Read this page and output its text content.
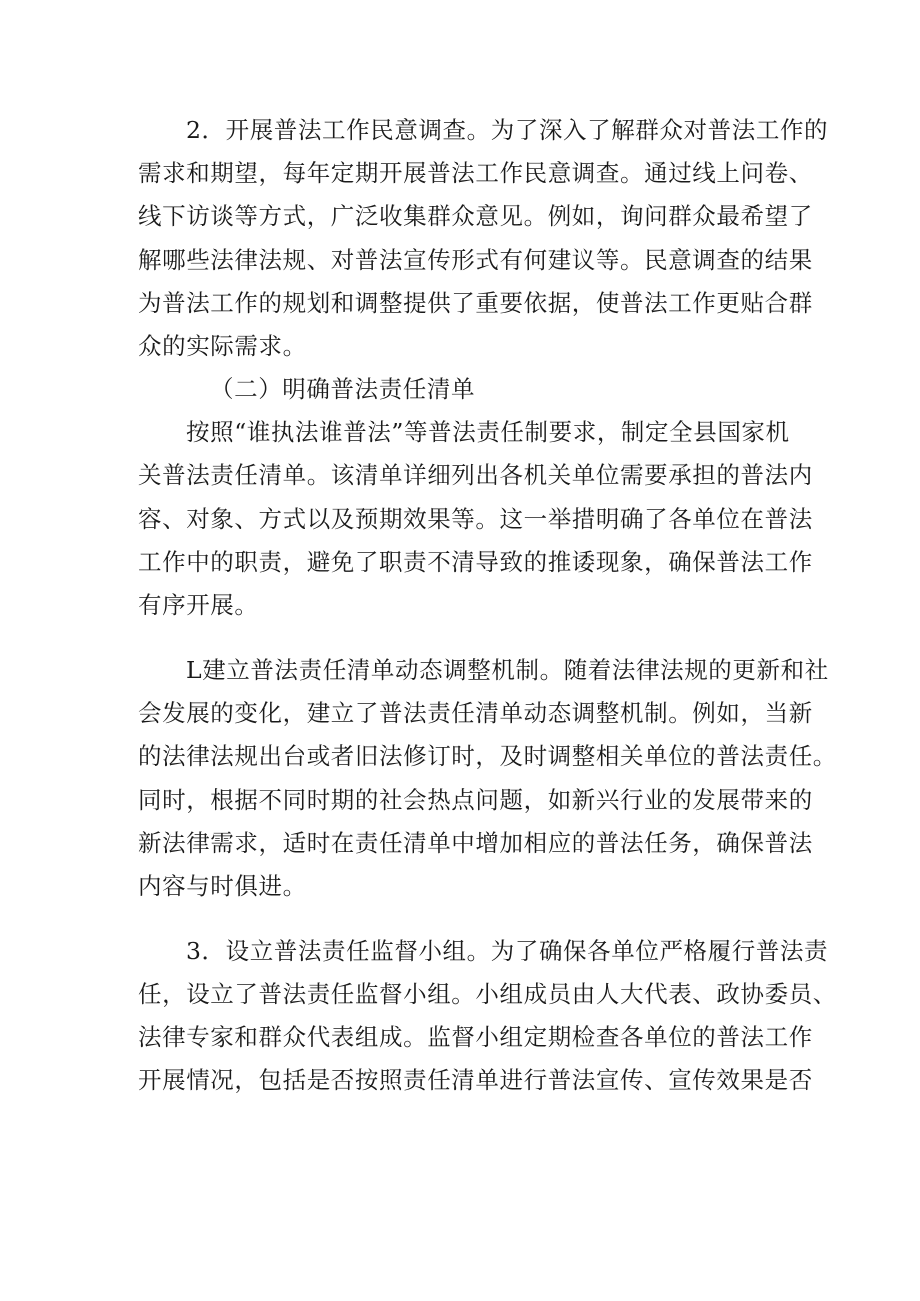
2．开展普法工作民意调查。为了深入了解群众对普法工作的
需求和期望，每年定期开展普法工作民意调查。通过线上问卷、
线下访谈等方式，广泛收集群众意见。例如，询问群众最希望了
解哪些法律法规、对普法宣传形式有何建议等。民意调查的结果
为普法工作的规划和调整提供了重要依据，使普法工作更贴合群
众的实际需求。
（二）明确普法责任清单
按照“谁执法谁普法”等普法责任制要求，制定全县国家机
关普法责任清单。该清单详细列出各机关单位需要承担的普法内
容、对象、方式以及预期效果等。这一举措明确了各单位在普法
工作中的职责，避免了职责不清导致的推诿现象，确保普法工作
有序开展。
L建立普法责任清单动态调整机制。随着法律法规的更新和社
会发展的变化，建立了普法责任清单动态调整机制。例如，当新
的法律法规出台或者旧法修订时，及时调整相关单位的普法责任。
同时，根据不同时期的社会热点问题，如新兴行业的发展带来的
新法律需求，适时在责任清单中增加相应的普法任务，确保普法
内容与时俱进。
3．设立普法责任监督小组。为了确保各单位严格履行普法责
任，设立了普法责任监督小组。小组成员由人大代表、政协委员、
法律专家和群众代表组成。监督小组定期检查各单位的普法工作
开展情况，包括是否按照责任清单进行普法宣传、宣传效果是否
